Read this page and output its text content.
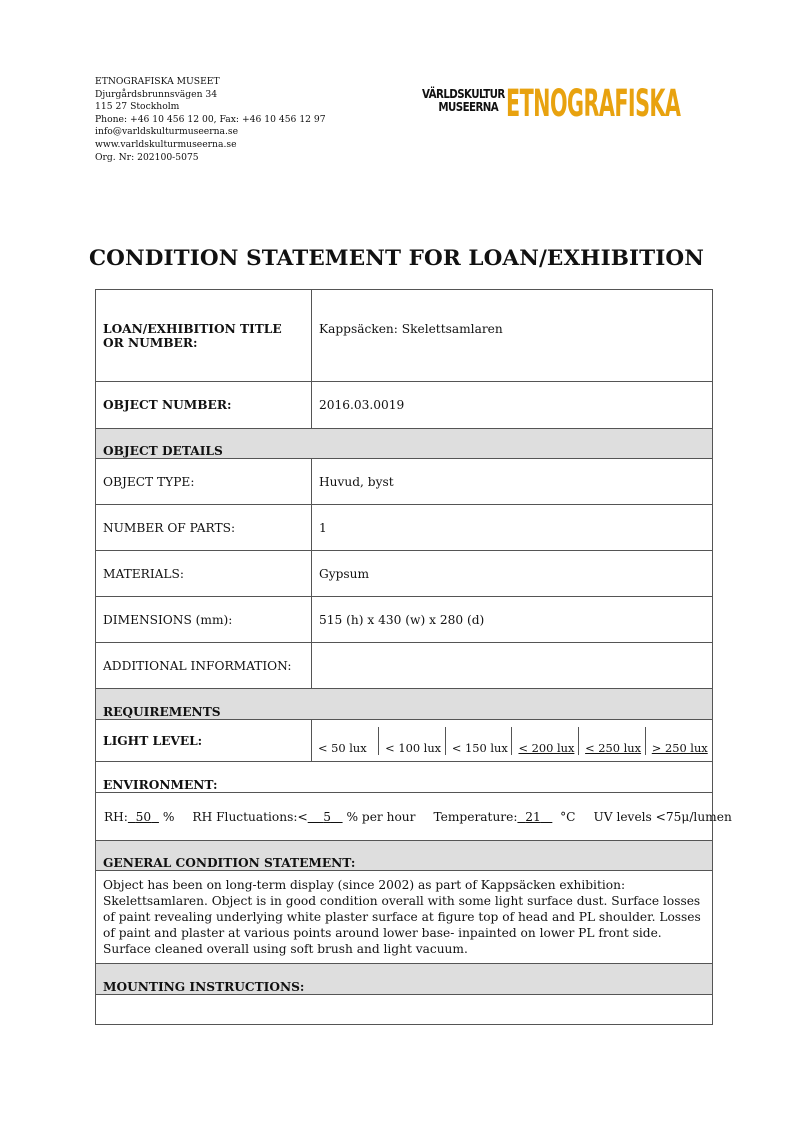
ETNOGRAFISKA MUSEET
Djurgårdsbrunnsvägen 34
115 27 Stockholm
Phone: +46 10 456 12 00, Fax: +46 10 456 12 97
info@varldskulturmuseerna.se
www.varldskulturmuseerna.se
Org. Nr: 202100-5075
VÄRLDSKULTUR
MUSEERNA ETNOGRAFISKA
CONDITION STATEMENT FOR LOAN/EXHIBITION
LOAN/EXHIBITION TITLE OR NUMBER:	Kappsäcken: Skelettsamlaren
OBJECT NUMBER:	2016.03.0019
OBJECT DETAILS
OBJECT TYPE:	Huvud, byst
NUMBER OF PARTS:	1
MATERIALS:	Gypsum
DIMENSIONS (mm):	515 (h) x 430 (w) x 280 (d)
ADDITIONAL INFORMATION:	
REQUIREMENTS
LIGHT LEVEL:		< 50 lux	< 100 lux	< 150 lux	< 200 lux	< 250 lux	> 250 lux

ENVIRONMENT:
RH: 50 % RH Fluctuations:< 5 % per hour Temperature: 21 °C UV levels <75μ/lumen
GENERAL CONDITION STATEMENT:
Object has been on long-term display (since 2002) as part of Kappsäcken exhibition: Skelettsamlaren. Object is in good condition overall with some light surface dust. Surface losses of paint revealing underlying white plaster surface at figure top of head and PL shoulder. Losses of paint and plaster at various points around lower base- inpainted on lower PL front side. Surface cleaned overall using soft brush and light vacuum.
MOUNTING INSTRUCTIONS:
